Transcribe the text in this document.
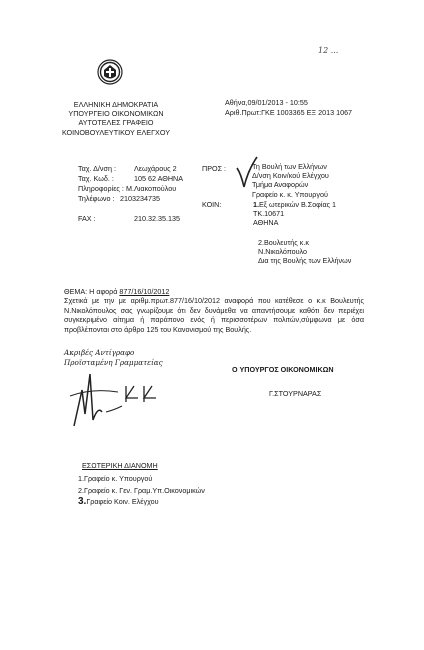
12 ...
ΕΛΛΗΝΙΚΗ ΔΗΜΟΚΡΑΤΙΑ
ΥΠΟΥΡΓΕΙΟ ΟΙΚΟΝΟΜΙΚΩΝ
ΑΥΤΟΤΕΛΕΣ ΓΡΑΦΕΙΟ
ΚΟΙΝΟΒΟΥΛΕΥΤΙΚΟΥ ΕΛΕΓΧΟΥ
Αθήνα,09/01/2013 - 10:55
Αριθ.Πρωτ:ΓΚΕ 1003365 ΕΞ 2013 1067
Ταχ. Δ/νση :	Λεωχάρους 2
Ταχ. Κωδ. :	105 62 ΑΘΗΝΑ
Πληροφορίες : Μ.Λιακοπούλου
Τηλέφωνο : 2103234735
FAX :	210.32.35.135
ΠΡΟΣ :	Τη Βουλή των Ελλήνων
Δ/νση Κοιν/κού Ελέγχου
Τμήμα Αναφορών
Γραφείο κ. κ. Υπουργού
ΚΟΙΝ:	1.Εξ ωτερικών Β.Σοφίας 1
ΤΚ.10671
ΑΘΗΝΑ
2.Βουλευτής κ.κ
Ν.Νικολόπουλο
Δια της Βουλής των Ελλήνων
ΘΕΜΑ: Η αφορά 877/16/10/2012
Σχετικά με την με αριθμ.πρωτ.877/16/10/2012 αναφορά που κατέθεσε ο κ.κ Βουλευτής Ν.Νικολόπουλος σας γνωρίζουμε ότι δεν δυνάμεθα να απαντήσουμε καθότι δεν περιέχει συγκεκριμένο αίτημα ή παράπονο ενός ή περισσοτέρων πολιτών,σύμφωνα με όσα προβλέπονται στο άρθρο 125 του Κανονισμού της Βουλής.
Ακριβές Αντίγραφο
Προϊσταμένη Γραμματείας
Ο ΥΠΟΥΡΓΟΣ ΟΙΚΟΝΟΜΙΚΩΝ
Γ.ΣΤΟΥΡΝΑΡΑΣ
ΕΣΩΤΕΡΙΚΗ ΔΙΑΝΟΜΗ
1.Γραφείο κ. Υπουργού
2.Γραφείο κ. Γεν. Γραμ.Υπ.Οικονομικών
3.Γραφείο Κοιν. Ελέγχου
